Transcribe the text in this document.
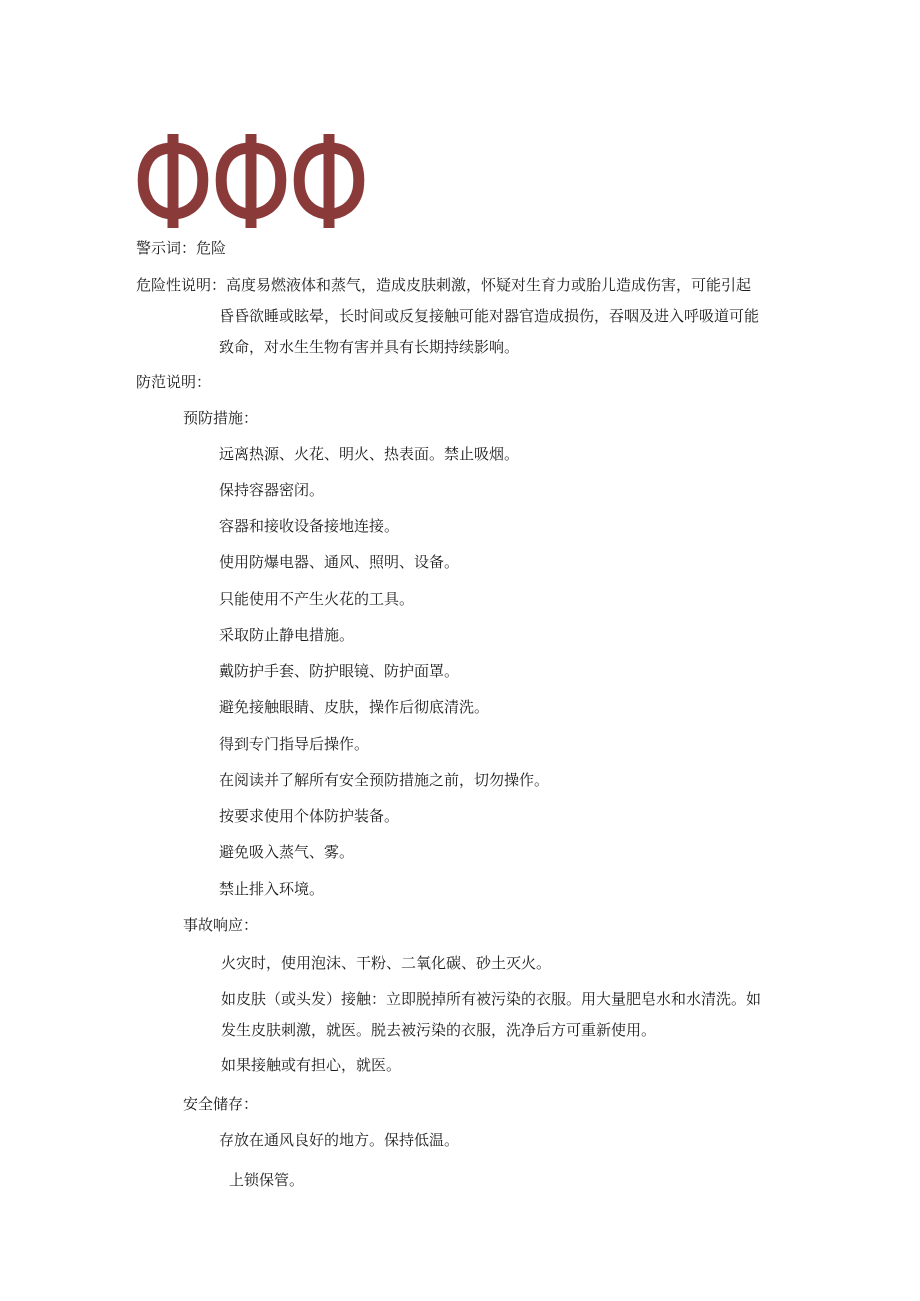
警示词：危险
危险性说明：高度易燃液体和蒸气，造成皮肤刺激，怀疑对生育力或胎儿造成伤害，可能引起
昏昏欲睡或眩晕，长时间或反复接触可能对器官造成损伤，吞咽及进入呼吸道可能
致命，对水生生物有害并具有长期持续影响。
防范说明：
预防措施：
远离热源、火花、明火、热表面。禁止吸烟。
保持容器密闭。
容器和接收设备接地连接。
使用防爆电器、通风、照明、设备。
只能使用不产生火花的工具。
采取防止静电措施。
戴防护手套、防护眼镜、防护面罩。
避免接触眼睛、皮肤，操作后彻底清洗。
得到专门指导后操作。
在阅读并了解所有安全预防措施之前，切勿操作。
按要求使用个体防护装备。
避免吸入蒸气、雾。
禁止排入环境。
事故响应：
火灾时，使用泡沫、干粉、二氧化碳、砂土灭火。
如皮肤（或头发）接触：立即脱掉所有被污染的衣服。用大量肥皂水和水清洗。如
发生皮肤刺激，就医。脱去被污染的衣服，洗净后方可重新使用。
如果接触或有担心，就医。
安全储存：
存放在通风良好的地方。保持低温。
上锁保管。
